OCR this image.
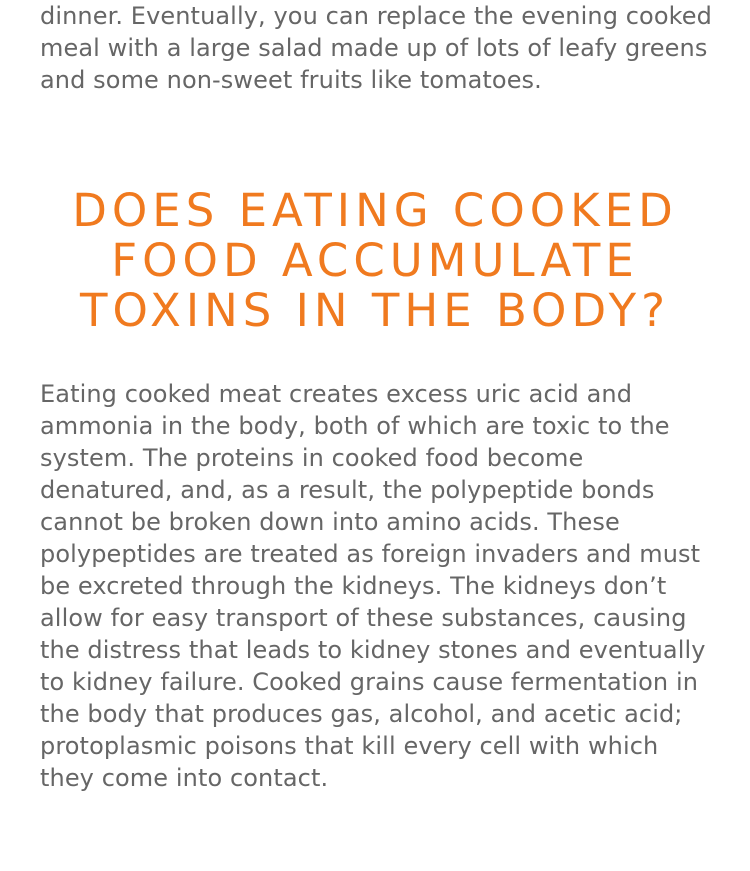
dinner. Eventually, you can replace the evening cooked meal with a large salad made up of lots of leafy greens and some non-sweet fruits like tomatoes.

DOES EATING COOKED FOOD ACCUMULATE TOXINS IN THE BODY?

Eating cooked meat creates excess uric acid and ammonia in the body, both of which are toxic to the system. The proteins in cooked food become denatured, and, as a result, the polypeptide bonds cannot be broken down into amino acids. These polypeptides are treated as foreign invaders and must be excreted through the kidneys. The kidneys don’t allow for easy transport of these substances, causing the distress that leads to kidney stones and eventually to kidney failure. Cooked grains cause fermentation in the body that produces gas, alcohol, and acetic acid; protoplasmic poisons that kill every cell with which they come into contact.
